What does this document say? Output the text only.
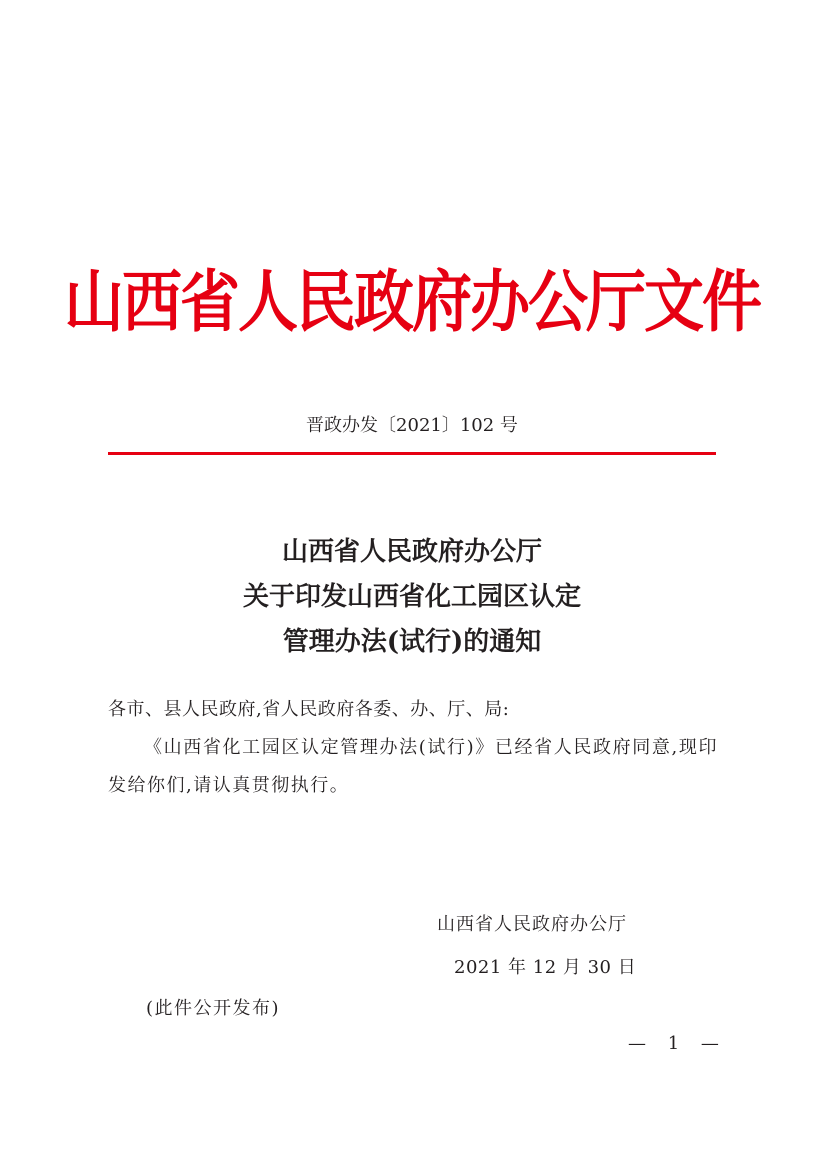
山西省人民政府办公厅文件
晋政办发〔2021〕102 号
山西省人民政府办公厅
关于印发山西省化工园区认定
管理办法(试行)的通知
各市、县人民政府,省人民政府各委、办、厅、局:
《山西省化工园区认定管理办法(试行)》已经省人民政府同意,现印发给你们,请认真贯彻执行。
山西省人民政府办公厅
2021 年 12 月 30 日
(此件公开发布)
— 1 —
